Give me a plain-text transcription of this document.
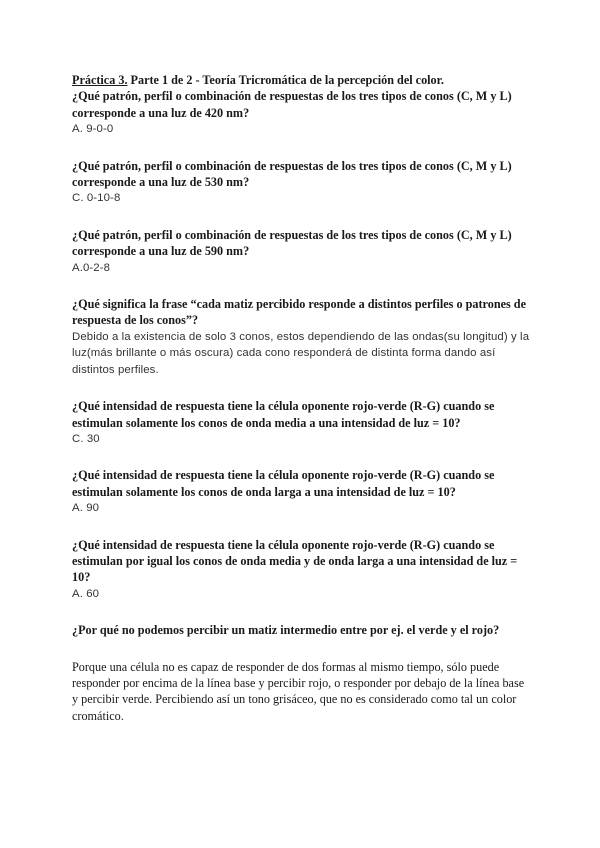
Práctica 3. Parte 1 de 2 - Teoría Tricromática de la percepción del color.

¿Qué patrón, perfil o combinación de respuestas de los tres tipos de conos (C, M y L) corresponde a una luz de 420 nm?

A. 9-0-0

¿Qué patrón, perfil o combinación de respuestas de los tres tipos de conos (C, M y L) corresponde a una luz de 530 nm?

C. 0-10-8

¿Qué patrón, perfil o combinación de respuestas de los tres tipos de conos (C, M y L) corresponde a una luz de 590 nm?

A.0-2-8

¿Qué significa la frase “cada matiz percibido responde a distintos perfiles o patrones de respuesta de los conos”?

Debido a la existencia de solo 3 conos, estos dependiendo de las ondas(su longitud) y la luz(más brillante o más oscura) cada cono responderá de distinta forma dando así distintos perfiles.

¿Qué intensidad de respuesta tiene la célula oponente rojo-verde (R-G) cuando se estimulan solamente los conos de onda media a una intensidad de luz = 10?

C. 30

¿Qué intensidad de respuesta tiene la célula oponente rojo-verde (R-G) cuando se estimulan solamente los conos de onda larga a una intensidad de luz = 10?

A. 90

¿Qué intensidad de respuesta tiene la célula oponente rojo-verde (R-G) cuando se estimulan por igual los conos de onda media y de onda larga a una intensidad de luz = 10?

A. 60

¿Por qué no podemos percibir un matiz intermedio entre por ej. el verde y el rojo?

Porque una célula no es capaz de responder de dos formas al mismo tiempo, sólo puede responder por encima de la línea base y percibir rojo, o responder por debajo de la línea base y percibir verde. Percibiendo así un tono grisáceo, que no es considerado como tal un color cromático.
